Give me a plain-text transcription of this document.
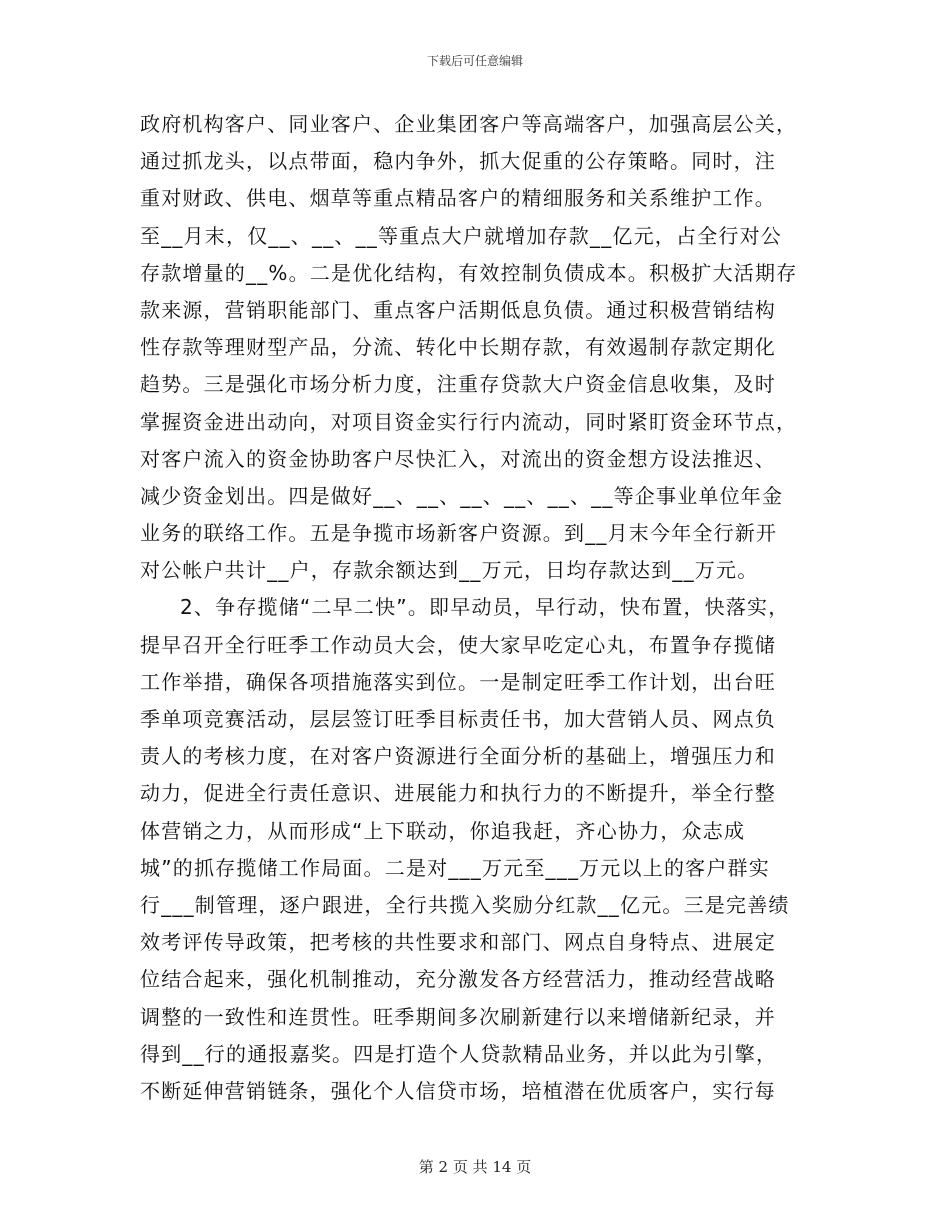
下载后可任意编辑
政府机构客户、同业客户、企业集团客户等高端客户，加强高层公关，
通过抓龙头，以点带面，稳内争外，抓大促重的公存策略。同时，注
重对财政、供电、烟草等重点精品客户的精细服务和关系维护工作。
至__月末，仅__、__、__等重点大户就增加存款__亿元，占全行对公
存款增量的__%。二是优化结构，有效控制负债成本。积极扩大活期存
款来源，营销职能部门、重点客户活期低息负债。通过积极营销结构
性存款等理财型产品，分流、转化中长期存款，有效遏制存款定期化
趋势。三是强化市场分析力度，注重存贷款大户资金信息收集，及时
掌握资金进出动向，对项目资金实行行内流动，同时紧盯资金环节点，
对客户流入的资金协助客户尽快汇入，对流出的资金想方设法推迟、
减少资金划出。四是做好__、__、__、__、__、__等企事业单位年金
业务的联络工作。五是争揽市场新客户资源。到__月末今年全行新开
对公帐户共计__户，存款余额达到__万元，日均存款达到__万元。
2、争存揽储“二早二快”。即早动员，早行动，快布置，快落实，
提早召开全行旺季工作动员大会，使大家早吃定心丸，布置争存揽储
工作举措，确保各项措施落实到位。一是制定旺季工作计划，出台旺
季单项竞赛活动，层层签订旺季目标责任书，加大营销人员、网点负
责人的考核力度，在对客户资源进行全面分析的基础上，增强压力和
动力，促进全行责任意识、进展能力和执行力的不断提升，举全行整
体营销之力，从而形成“上下联动，你追我赶，齐心协力，众志成
城”的抓存揽储工作局面。二是对___万元至___万元以上的客户群实
行___制管理，逐户跟进，全行共揽入奖励分红款__亿元。三是完善绩
效考评传导政策，把考核的共性要求和部门、网点自身特点、进展定
位结合起来，强化机制推动，充分激发各方经营活力，推动经营战略
调整的一致性和连贯性。旺季期间多次刷新建行以来增储新纪录，并
得到__行的通报嘉奖。四是打造个人贷款精品业务，并以此为引擎，
不断延伸营销链条，强化个人信贷市场，培植潜在优质客户，实行每
第 2 页 共 14 页
